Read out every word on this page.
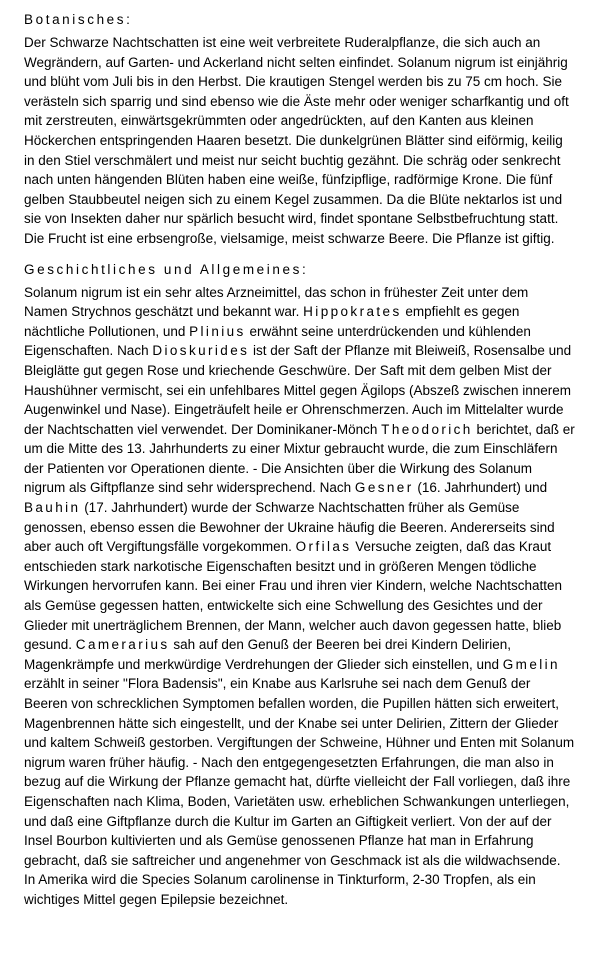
Botanisches:

Der Schwarze Nachtschatten ist eine weit verbreitete Ruderalpflanze, die sich auch an Wegrändern, auf Garten- und Ackerland nicht selten einfindet. Solanum nigrum ist einjährig und blüht vom Juli bis in den Herbst. Die krautigen Stengel werden bis zu 75 cm hoch. Sie verästeln sich sparrig und sind ebenso wie die Äste mehr oder weniger scharfkantig und oft mit zerstreuten, einwärtsgekrümmten oder angedrückten, auf den Kanten aus kleinen Höckerchen entspringenden Haaren besetzt. Die dunkelgrünen Blätter sind eiförmig, keilig in den Stiel verschmälert und meist nur seicht buchtig gezähnt. Die schräg oder senkrecht nach unten hängenden Blüten haben eine weiße, fünfzipflige, radförmige Krone. Die fünf gelben Staubbeutel neigen sich zu einem Kegel zusammen. Da die Blüte nektarlos ist und sie von Insekten daher nur spärlich besucht wird, findet spontane Selbstbefruchtung statt. Die Frucht ist eine erbsengroße, vielsamige, meist schwarze Beere. Die Pflanze ist giftig.

Geschichtliches und Allgemeines:

Solanum nigrum ist ein sehr altes Arzneimittel, das schon in frühester Zeit unter dem Namen Strychnos geschätzt und bekannt war. Hippokrates empfiehlt es gegen nächtliche Pollutionen, und Plinius erwähnt seine unterdrückenden und kühlenden Eigenschaften. Nach Dioskurides ist der Saft der Pflanze mit Bleiweiß, Rosensalbe und Bleiglätte gut gegen Rose und kriechende Geschwüre. Der Saft mit dem gelben Mist der Haushühner vermischt, sei ein unfehlbares Mittel gegen Ägilops (Abszeß zwischen innerem Augenwinkel und Nase). Eingeträufelt heile er Ohrenschmerzen. Auch im Mittelalter wurde der Nachtschatten viel verwendet. Der Dominikaner-Mönch Theodorich berichtet, daß er um die Mitte des 13. Jahrhunderts zu einer Mixtur gebraucht wurde, die zum Einschläfern der Patienten vor Operationen diente. - Die Ansichten über die Wirkung des Solanum nigrum als Giftpflanze sind sehr widersprechend. Nach Gesner (16. Jahrhundert) und Bauhin (17. Jahrhundert) wurde der Schwarze Nachtschatten früher als Gemüse genossen, ebenso essen die Bewohner der Ukraine häufig die Beeren. Andererseits sind aber auch oft Vergiftungsfälle vorgekommen. Orfilas Versuche zeigten, daß das Kraut entschieden stark narkotische Eigenschaften besitzt und in größeren Mengen tödliche Wirkungen hervorrufen kann. Bei einer Frau und ihren vier Kindern, welche Nachtschatten als Gemüse gegessen hatten, entwickelte sich eine Schwellung des Gesichtes und der Glieder mit unerträglichem Brennen, der Mann, welcher auch davon gegessen hatte, blieb gesund. Camerarius sah auf den Genuß der Beeren bei drei Kindern Delirien, Magenkrämpfe und merkwürdige Verdrehungen der Glieder sich einstellen, und Gmelin erzählt in seiner "Flora Badensis", ein Knabe aus Karlsruhe sei nach dem Genuß der Beeren von schrecklichen Symptomen befallen worden, die Pupillen hätten sich erweitert, Magenbrennen hätte sich eingestellt, und der Knabe sei unter Delirien, Zittern der Glieder und kaltem Schweiß gestorben. Vergiftungen der Schweine, Hühner und Enten mit Solanum nigrum waren früher häufig. - Nach den entgegengesetzten Erfahrungen, die man also in bezug auf die Wirkung der Pflanze gemacht hat, dürfte vielleicht der Fall vorliegen, daß ihre Eigenschaften nach Klima, Boden, Varietäten usw. erheblichen Schwankungen unterliegen, und daß eine Giftpflanze durch die Kultur im Garten an Giftigkeit verliert. Von der auf der Insel Bourbon kultivierten und als Gemüse genossenen Pflanze hat man in Erfahrung gebracht, daß sie saftreicher und angenehmer von Geschmack ist als die wildwachsende. In Amerika wird die Species Solanum carolinense in Tinkturform, 2-30 Tropfen, als ein wichtiges Mittel gegen Epilepsie bezeichnet.
